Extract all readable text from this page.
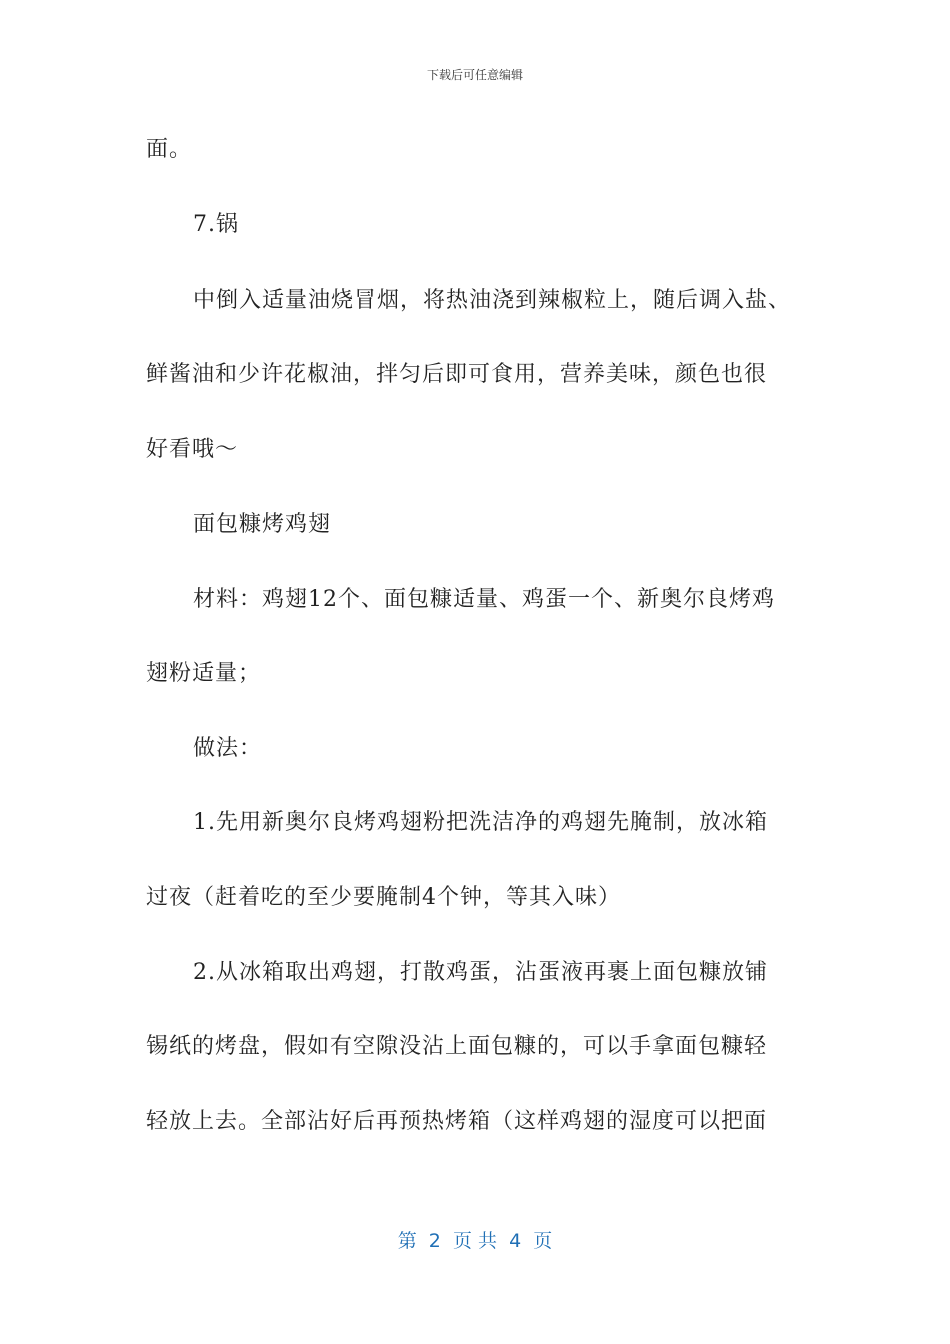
下载后可任意编辑
面。
7.锅
中倒入适量油烧冒烟，将热油浇到辣椒粒上，随后调入盐、
鲜酱油和少许花椒油，拌匀后即可食用，营养美味，颜色也很
好看哦～
面包糠烤鸡翅
材料：鸡翅12个、面包糠适量、鸡蛋一个、新奥尔良烤鸡
翅粉适量；
做法：
1.先用新奥尔良烤鸡翅粉把洗洁净的鸡翅先腌制，放冰箱
过夜（赶着吃的至少要腌制4个钟，等其入味）
2.从冰箱取出鸡翅，打散鸡蛋，沾蛋液再裹上面包糠放铺
锡纸的烤盘，假如有空隙没沾上面包糠的，可以手拿面包糠轻
轻放上去。全部沾好后再预热烤箱（这样鸡翅的湿度可以把面
第  2  页 共  4  页
